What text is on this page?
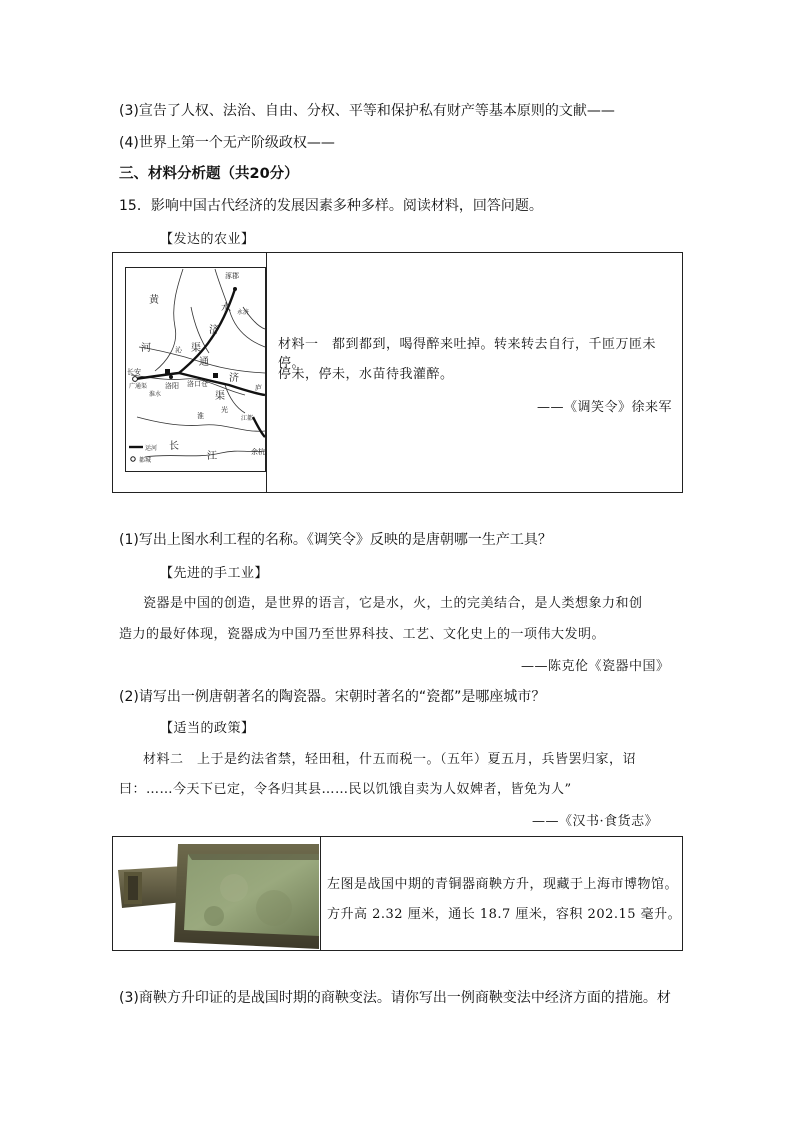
(3)宣告了人权、法治、自由、分权、平等和保护私有财产等基本原则的文献——
(4)世界上第一个无产阶级政权——
三、材料分析题（共20分）
15．影响中国古代经济的发展因素多种多样。阅读材料，回答问题。
【发达的农业】
涿郡
黄
水
济
河	沁 渠
通
长安
广通渠	洛阳 洛口仓 济
渠
淮水
庐
淮
光
江都
长
江	余杭
运河
都城
永济
材料一　都到都到，喝得醉来吐掉。转来转去自行，千匝万匝未停。
停未，停未，水苗待我灌醉。
——《调笑令》徐来军
(1)写出上图水利工程的名称。《调笑令》反映的是唐朝哪一生产工具？
【先进的手工业】
瓷器是中国的创造，是世界的语言，它是水，火，土的完美结合，是人类想象力和创
造力的最好体现，瓷器成为中国乃至世界科技、工艺、文化史上的一项伟大发明。
——陈克伦《瓷器中国》
(2)请写出一例唐朝著名的陶瓷器。宋朝时著名的“瓷都”是哪座城市？
【适当的政策】
材料二　上于是约法省禁，轻田租，什五而税一。（五年）夏五月，兵皆罢归家，诏
曰：……今天下已定，令各归其县……民以饥饿自卖为人奴婢者，皆免为人”
——《汉书·食货志》
左图是战国中期的青铜器商鞅方升，现藏于上海市博物馆。
方升高 2.32 厘米，通长 18.7 厘米，容积 202.15 毫升。
(3)商鞅方升印证的是战国时期的商鞅变法。请你写出一例商鞅变法中经济方面的措施。材
